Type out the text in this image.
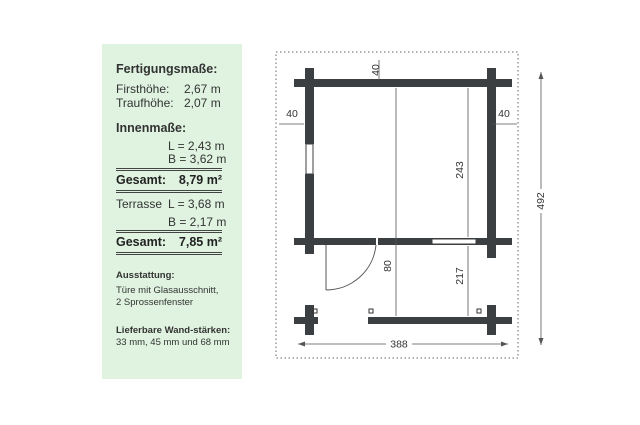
Fertigungsmaße:
Firsthöhe: 2,67 m
Traufhöhe: 2,07 m
Innenmaße:
L = 2,43 m
B = 3,62 m
Gesamt: 8,79 m²
Terrasse L = 3,68 m
B = 2,17 m
Gesamt: 7,85 m²
Ausstattung:
Türe mit Glasausschnitt,
2 Sprossenfenster
Lieferbare Wand-stärken:
33 mm, 45 mm und 68 mm
40
40	40
243
80
217
388
492
